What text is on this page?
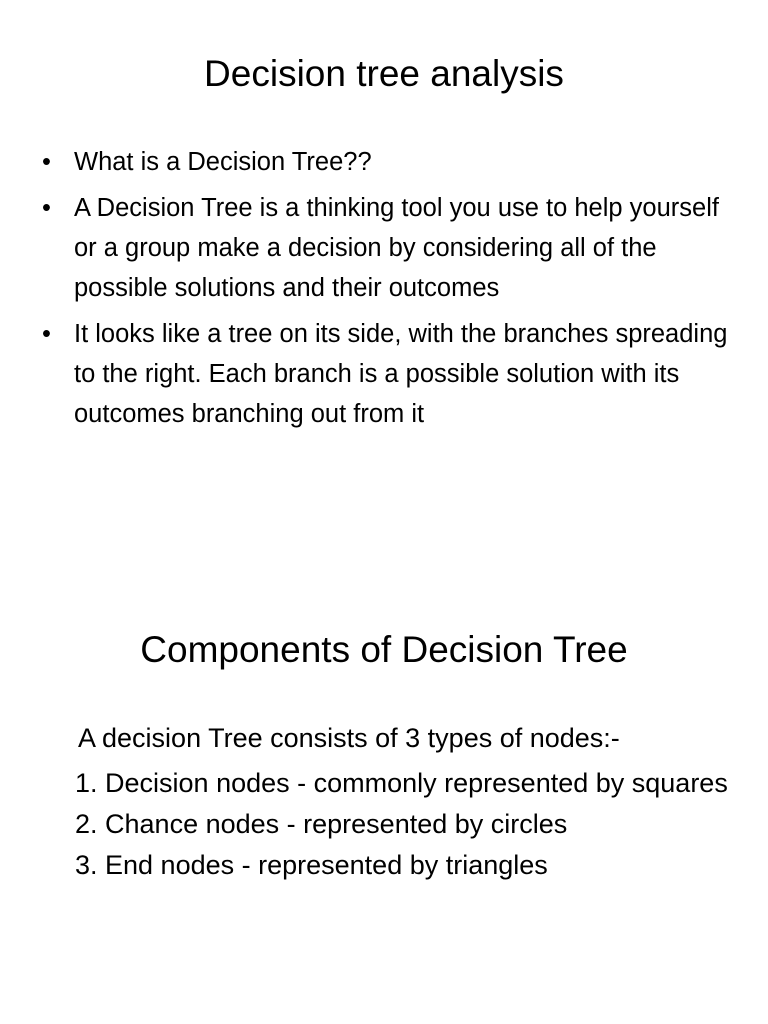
Decision tree analysis
• What is a Decision Tree??
• A Decision Tree is a thinking tool you use to help yourself or a group make a decision by considering all of the possible solutions and their outcomes
• It looks like a tree on its side, with the branches spreading to the right. Each branch is a possible solution with its outcomes branching out from it
Components of Decision Tree

A decision Tree consists of 3 types of nodes:-

1. Decision nodes - commonly represented by squares

2. Chance nodes - represented by circles

3. End nodes - represented by triangles
